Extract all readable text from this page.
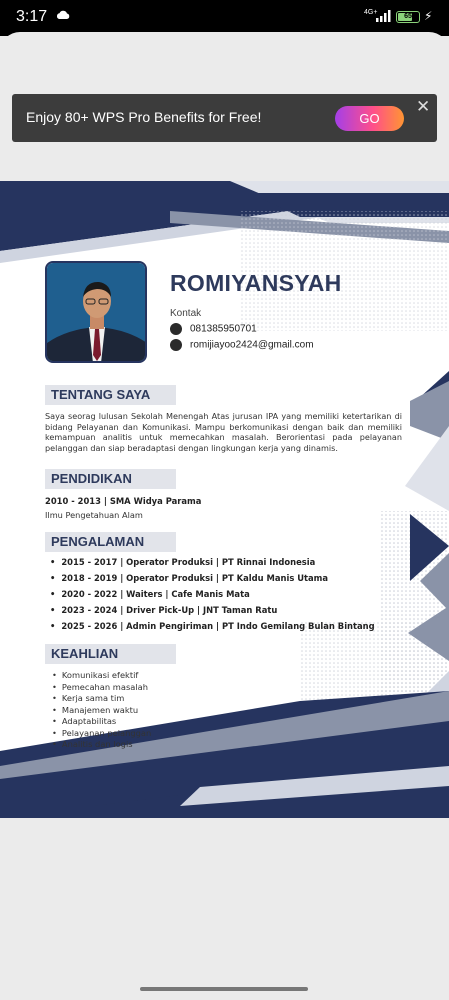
3:17	4G+
65	⚡
Enjoy 80+ WPS Pro Benefits for Free!	GO
✕
ROMIYANSYAH
Kontak
081385950701
romijiayoo2424@gmail.com
TENTANG SAYA
Saya seorag lulusan Sekolah Menengah Atas jurusan IPA yang memiliki ketertarikan di bidang Pelayanan dan Komunikasi. Mampu berkomunikasi dengan baik dan memiliki kemampuan analitis untuk memecahkan masalah. Berorientasi pada pelayanan pelanggan dan siap beradaptasi dengan lingkungan kerja yang dinamis.
PENDIDIKAN
2010 - 2013 | SMA Widya Parama
Ilmu Pengetahuan Alam
PENGALAMAN
• 2015 - 2017 | Operator Produksi | PT Rinnai Indonesia
• 2018 - 2019 | Operator Produksi | PT Kaldu Manis Utama
• 2020 - 2022 | Waiters | Cafe Manis Mata
• 2023 - 2024 | Driver Pick-Up | JNT Taman Ratu
• 2025 - 2026 | Admin Pengiriman | PT Indo Gemilang Bulan Bintang
KEAHLIAN
• Komunikasi efektif
• Pemecahan masalah
• Kerja sama tim
• Manajemen waktu
• Adaptabilitas
• Pelayanan pelanggan
• Analitis dan logis
